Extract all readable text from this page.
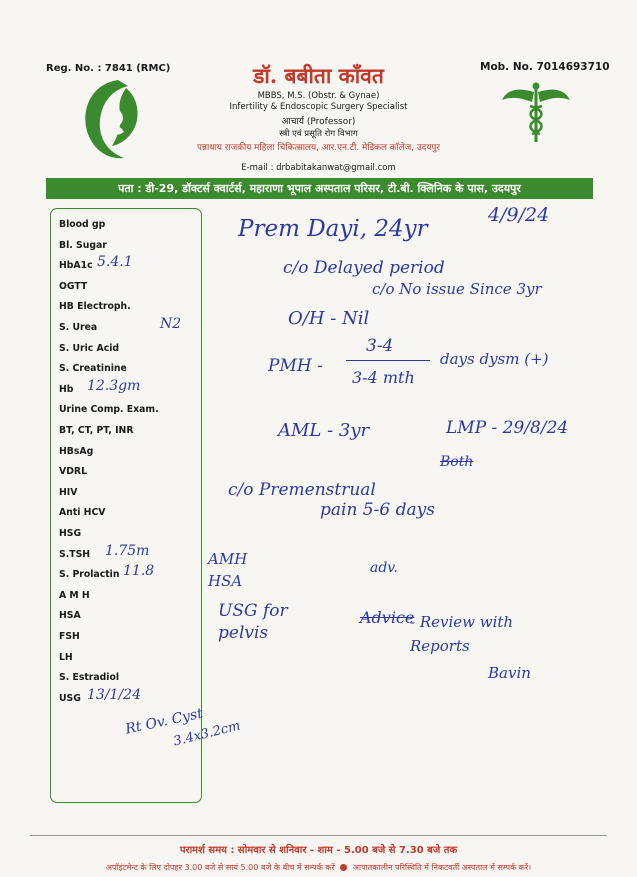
Reg. No. : 7841 (RMC)	Mob. No. 7014693710
डॉ. बबीता कॉंवत
MBBS, M.S. (Obstr. & Gynae)
Infertility & Endoscopic Surgery Specialist
आचार्य (Professor)
स्त्री एवं प्रसूति रोग विभाग
पन्नाधाय राजकीय महिला चिकित्सालय, आर.एन.टी. मेडिकल कॉलेज, उदयपुर
E-mail : drbabitakanwat@gmail.com
पता : डी-29, डॉक्टर्स क्वार्टर्स, महाराणा भूपाल अस्पताल परिसर, टी.बी. क्लिनिक के पास, उदयपुर
Blood gp
Bl. Sugar
HbA1c 5.4.1
OGTT
HB Electroph.
S. Urea	N2
S. Uric Acid
S. Creatinine
Hb 12.3gm
Urine Comp. Exam.
BT, CT, PT, INR
HBsAg
VDRL
HIV
Anti HCV
HSG
S.TSH 1.75m
S. Prolactin 11.8
A M H
HSA
FSH
LH
S. Estradiol
USG 13/1/24
Prem Dayi, 24yr
4/9/24
c/o Delayed period
c/o No issue Since 3yr
O/H - Nil
PMH -
3-4
3-4 mth
days dysm (+)
AML - 3yr	LMP - 29/8/24
Both
c/o Premenstrual
pain 5-6 days
AMH
HSA
USG for pelvis
adv.
Advice
- Review with Reports
Bavin
Rt Ov. Cyst
3.4x3.2cm
परामर्श समय : सोमवार से शनिवार - शाम - 5.00 बजे से 7.30 बजे तक
अपॉइंटमेन्ट के लिए दोपहर 3.00 बजे से सायं 5.00 बजे के बीच में सम्पर्क करें आपातकालीन परिस्थिति में निकटवर्ती अस्पताल में सम्पर्क करें।
